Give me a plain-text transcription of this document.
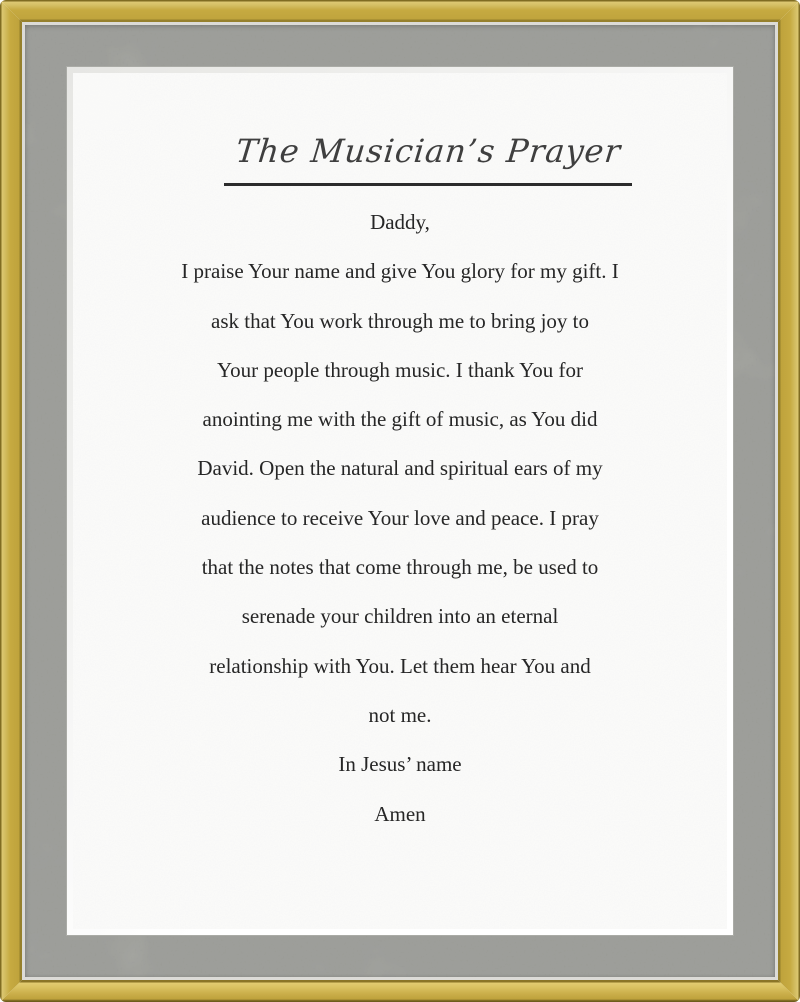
The Musician’s Prayer
Daddy,
I praise Your name and give You glory for my gift. I
ask that You work through me to bring joy to
Your people through music. I thank You for
anointing me with the gift of music, as You did
David. Open the natural and spiritual ears of my
audience to receive Your love and peace. I pray
that the notes that come through me, be used to
serenade your children into an eternal
relationship with You. Let them hear You and
not me.
In Jesus’ name
Amen
